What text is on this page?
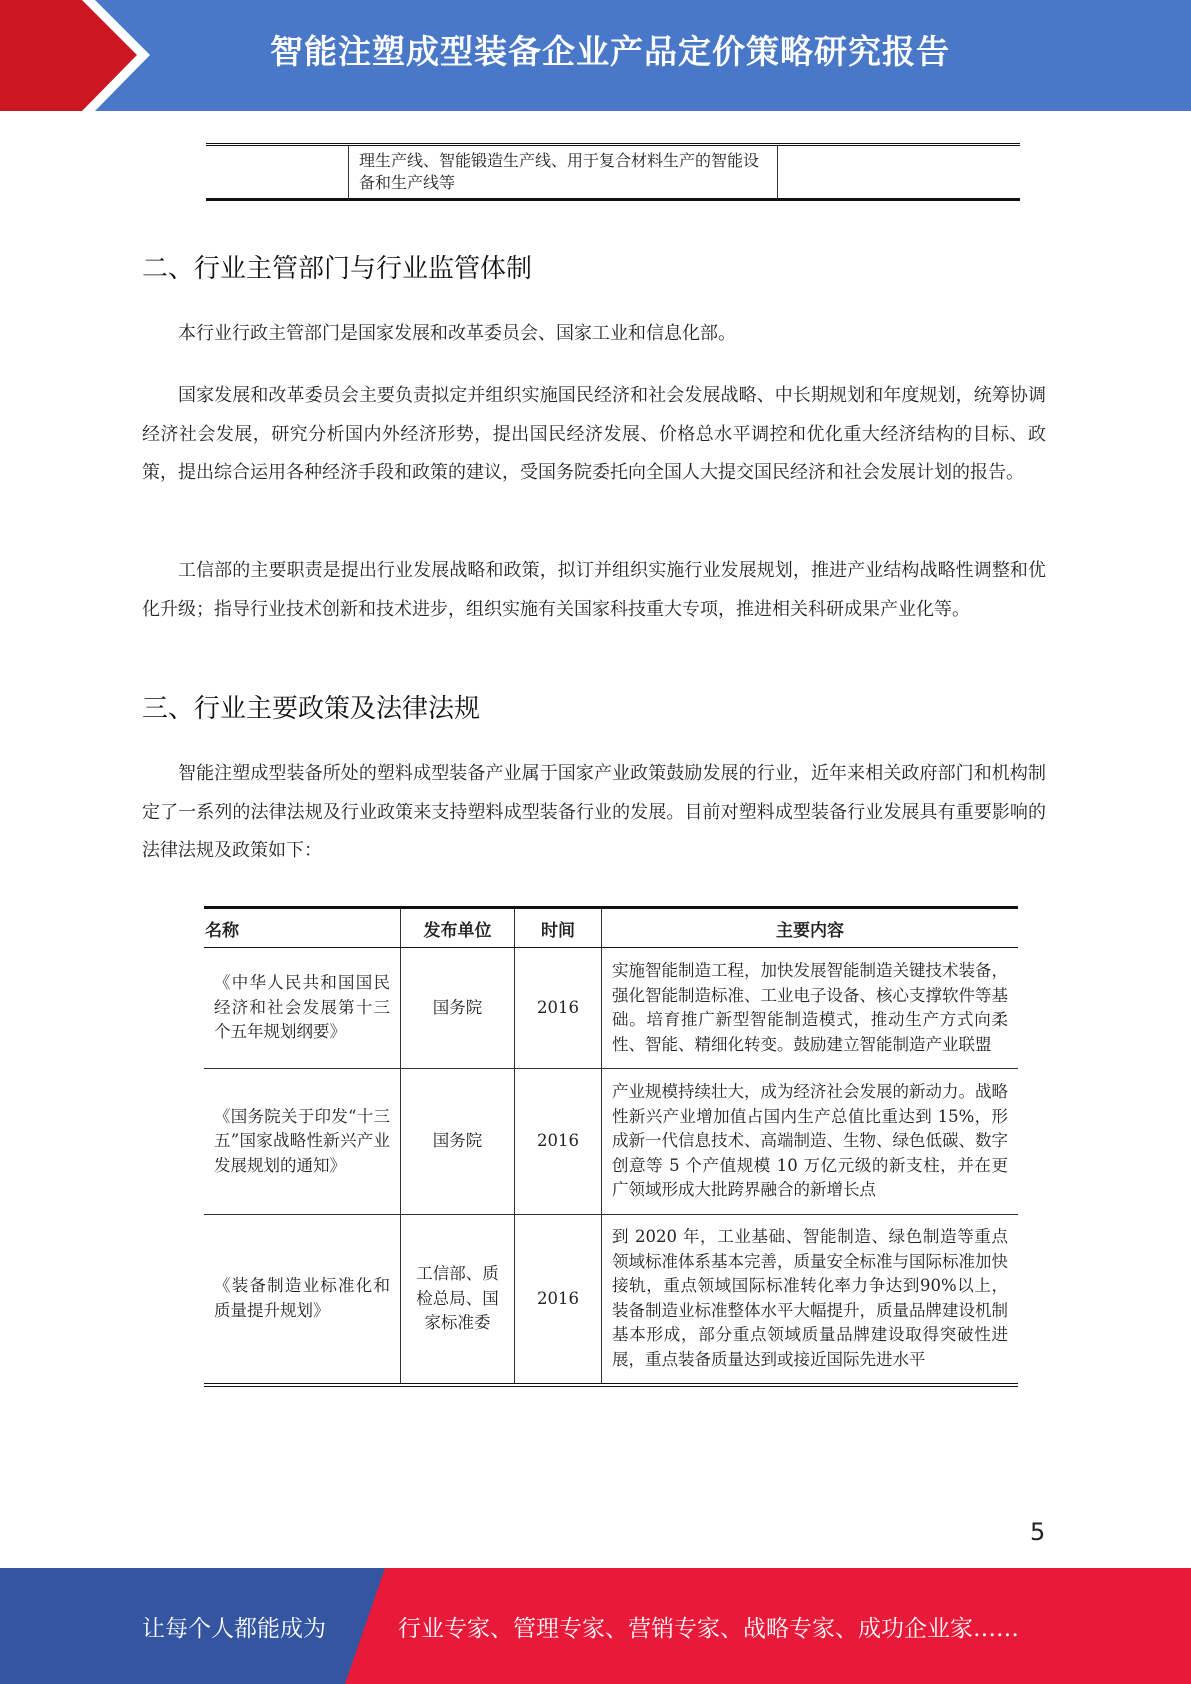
智能注塑成型装备企业产品定价策略研究报告
	理生产线、智能锻造生产线、用于复合材料生产的智能设备和生产线等	
二、行业主管部门与行业监管体制
本行业行政主管部门是国家发展和改革委员会、国家工业和信息化部。
国家发展和改革委员会主要负责拟定并组织实施国民经济和社会发展战略、中长期规划和年度规划，统筹协调经济社会发展，研究分析国内外经济形势，提出国民经济发展、价格总水平调控和优化重大经济结构的目标、政策，提出综合运用各种经济手段和政策的建议，受国务院委托向全国人大提交国民经济和社会发展计划的报告。
工信部的主要职责是提出行业发展战略和政策，拟订并组织实施行业发展规划，推进产业结构战略性调整和优化升级；指导行业技术创新和技术进步，组织实施有关国家科技重大专项，推进相关科研成果产业化等。
三、行业主要政策及法律法规
智能注塑成型装备所处的塑料成型装备产业属于国家产业政策鼓励发展的行业，近年来相关政府部门和机构制定了一系列的法律法规及行业政策来支持塑料成型装备行业的发展。目前对塑料成型装备行业发展具有重要影响的法律法规及政策如下：
名称	发布单位	时间	主要内容
《中华人民共和国国民经济和社会发展第十三个五年规划纲要》	国务院	2016	实施智能制造工程，加快发展智能制造关键技术装备，强化智能制造标准、工业电子设备、核心支撑软件等基础。培育推广新型智能制造模式，推动生产方式向柔性、智能、精细化转变。鼓励建立智能制造产业联盟
《国务院关于印发“十三五”国家战略性新兴产业发展规划的通知》	国务院	2016	产业规模持续壮大，成为经济社会发展的新动力。战略性新兴产业增加值占国内生产总值比重达到 15%，形成新一代信息技术、高端制造、生物、绿色低碳、数字创意等 5 个产值规模 10 万亿元级的新支柱，并在更广领域形成大批跨界融合的新增长点
《装备制造业标准化和质量提升规划》	工信部、质检总局、国家标准委	2016	到 2020 年，工业基础、智能制造、绿色制造等重点领域标准体系基本完善，质量安全标准与国际标准加快接轨，重点领域国际标准转化率力争达到90%以上，装备制造业标准整体水平大幅提升，质量品牌建设机制基本形成，部分重点领域质量品牌建设取得突破性进展，重点装备质量达到或接近国际先进水平
5
让每个人都能成为	行业专家、管理专家、营销专家、战略专家、成功企业家……
